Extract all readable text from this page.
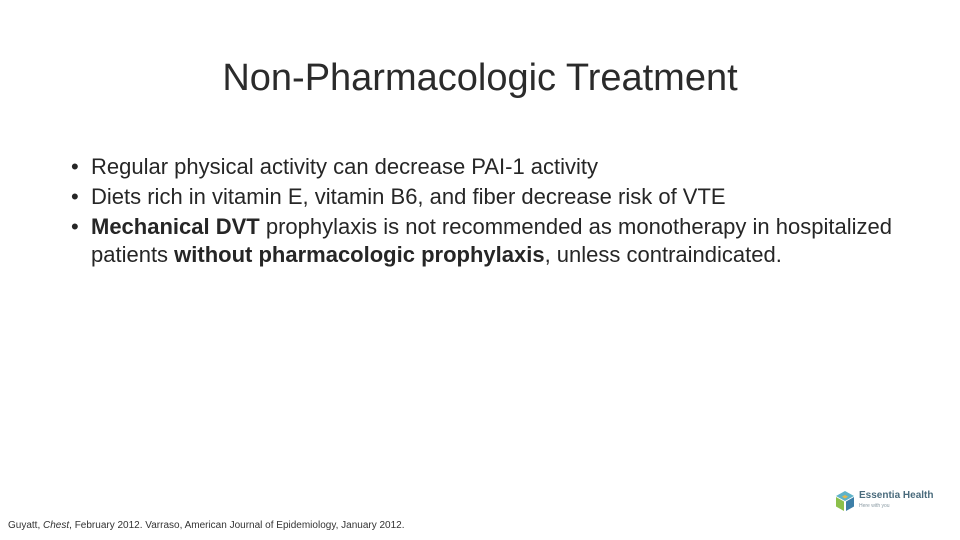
Non-Pharmacologic Treatment
• Regular physical activity can decrease PAI-1 activity
• Diets rich in vitamin E, vitamin B6, and fiber decrease risk of VTE
• Mechanical DVT prophylaxis is not recommended as monotherapy in hospitalized patients without pharmacologic prophylaxis, unless contraindicated.
Guyatt, Chest, February 2012. Varraso, American Journal of Epidemiology, January 2012.
Essentia Health
Here with you
